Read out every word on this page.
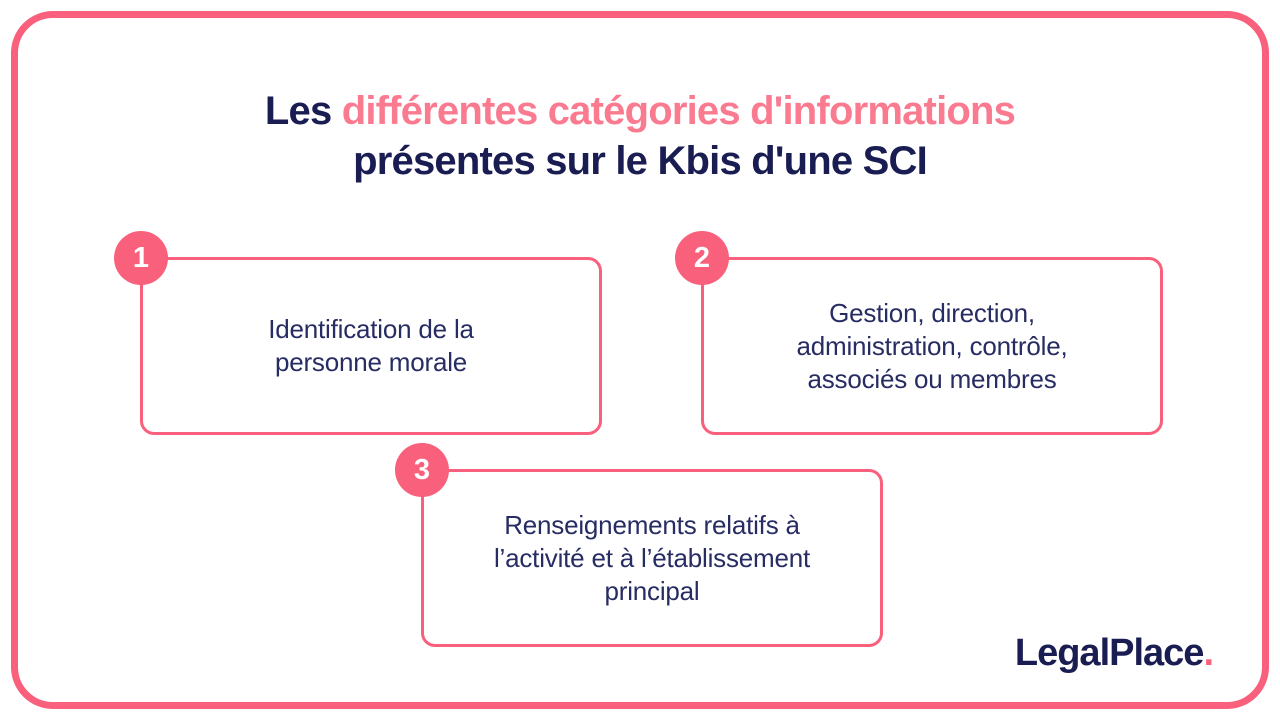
Les différentes catégories d'informations
présentes sur le Kbis d'une SCI
1
Identification de la
personne morale
2
Gestion, direction,
administration, contrôle,
associés ou membres
3
Renseignements relatifs à
l’activité et à l’établissement
principal
LegalPlace.
